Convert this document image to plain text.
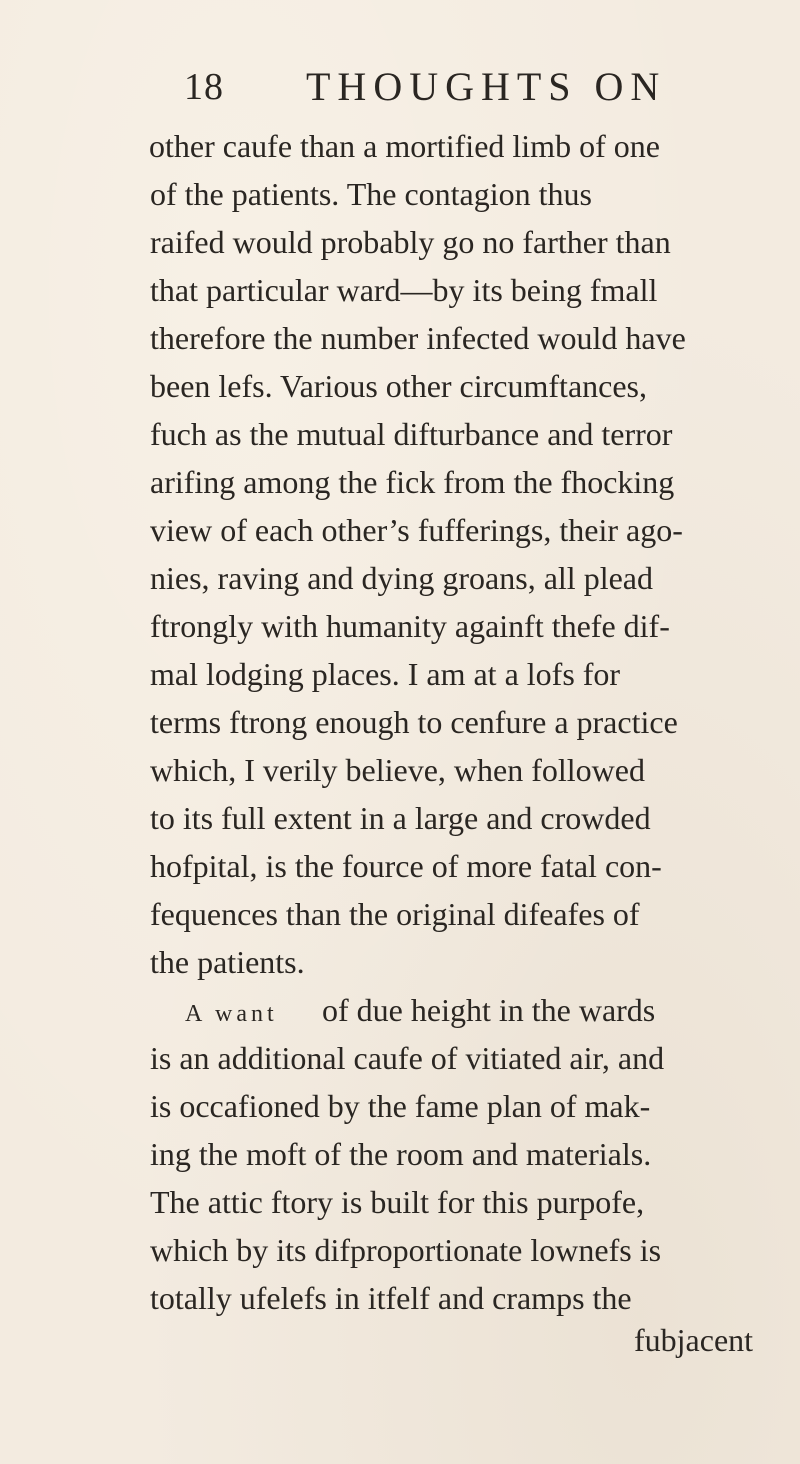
18 THOUGHTS ON
other caufe than a mortified limb of one
of the patients. The contagion thus
raifed would probably go no farther than
that particular ward—by its being fmall
therefore the number infected would have
been lefs. Various other circumftances,
fuch as the mutual difturbance and terror
arifing among the fick from the fhocking
view of each other’s fufferings, their ago-
nies, raving and dying groans, all plead
ftrongly with humanity againft thefe dif-
mal lodging places. I am at a lofs for
terms ftrong enough to cenfure a practice
which, I verily believe, when followed
to its full extent in a large and crowded
hofpital, is the fource of more fatal con-
fequences than the original difeafes of
the patients.

A want

of due height in the wards

is an additional caufe of vitiated air, and
is occafioned by the fame plan of mak-
ing the moft of the room and materials.
The attic ftory is built for this purpofe,
which by its difproportionate lownefs is
totally ufelefs in itfelf and cramps the
fubjacent
